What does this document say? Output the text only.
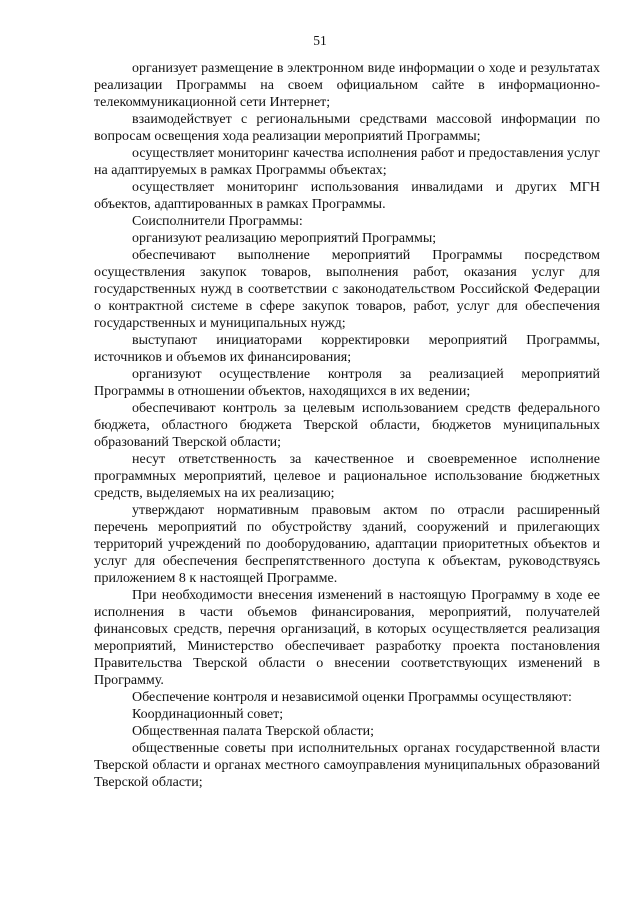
51

организует размещение в электронном виде информации о ходе и результатах реализации Программы на своем официальном сайте в информационно-телекоммуникационной сети Интернет;

взаимодействует с региональными средствами массовой информации по вопросам освещения хода реализации мероприятий Программы;

осуществляет мониторинг качества исполнения работ и предоставления услуг на адаптируемых в рамках Программы объектах;

осуществляет мониторинг использования инвалидами и других МГН объектов, адаптированных в рамках Программы.

Соисполнители Программы:

организуют реализацию мероприятий Программы;

обеспечивают выполнение мероприятий Программы посредством осуществления закупок товаров, выполнения работ, оказания услуг для государственных нужд в соответствии с законодательством Российской Федерации о контрактной системе в сфере закупок товаров, работ, услуг для обеспечения государственных и муниципальных нужд;

выступают инициаторами корректировки мероприятий Программы, источников и объемов их финансирования;

организуют осуществление контроля за реализацией мероприятий Программы в отношении объектов, находящихся в их ведении;

обеспечивают контроль за целевым использованием средств федерального бюджета, областного бюджета Тверской области, бюджетов муниципальных образований Тверской области;

несут ответственность за качественное и своевременное исполнение программных мероприятий, целевое и рациональное использование бюджетных средств, выделяемых на их реализацию;

утверждают нормативным правовым актом по отрасли расширенный перечень мероприятий по обустройству зданий, сооружений и прилегающих территорий учреждений по дооборудованию, адаптации приоритетных объектов и услуг для обеспечения беспрепятственного доступа к объектам, руководствуясь приложением 8 к настоящей Программе.

При необходимости внесения изменений в настоящую Программу в ходе ее исполнения в части объемов финансирования, мероприятий, получателей финансовых средств, перечня организаций, в которых осуществляется реализация мероприятий, Министерство обеспечивает разработку проекта постановления Правительства Тверской области о внесении соответствующих изменений в Программу.

Обеспечение контроля и независимой оценки Программы осуществляют:

Координационный совет;

Общественная палата Тверской области;

общественные советы при исполнительных органах государственной власти Тверской области и органах местного самоуправления муниципальных образований Тверской области;
